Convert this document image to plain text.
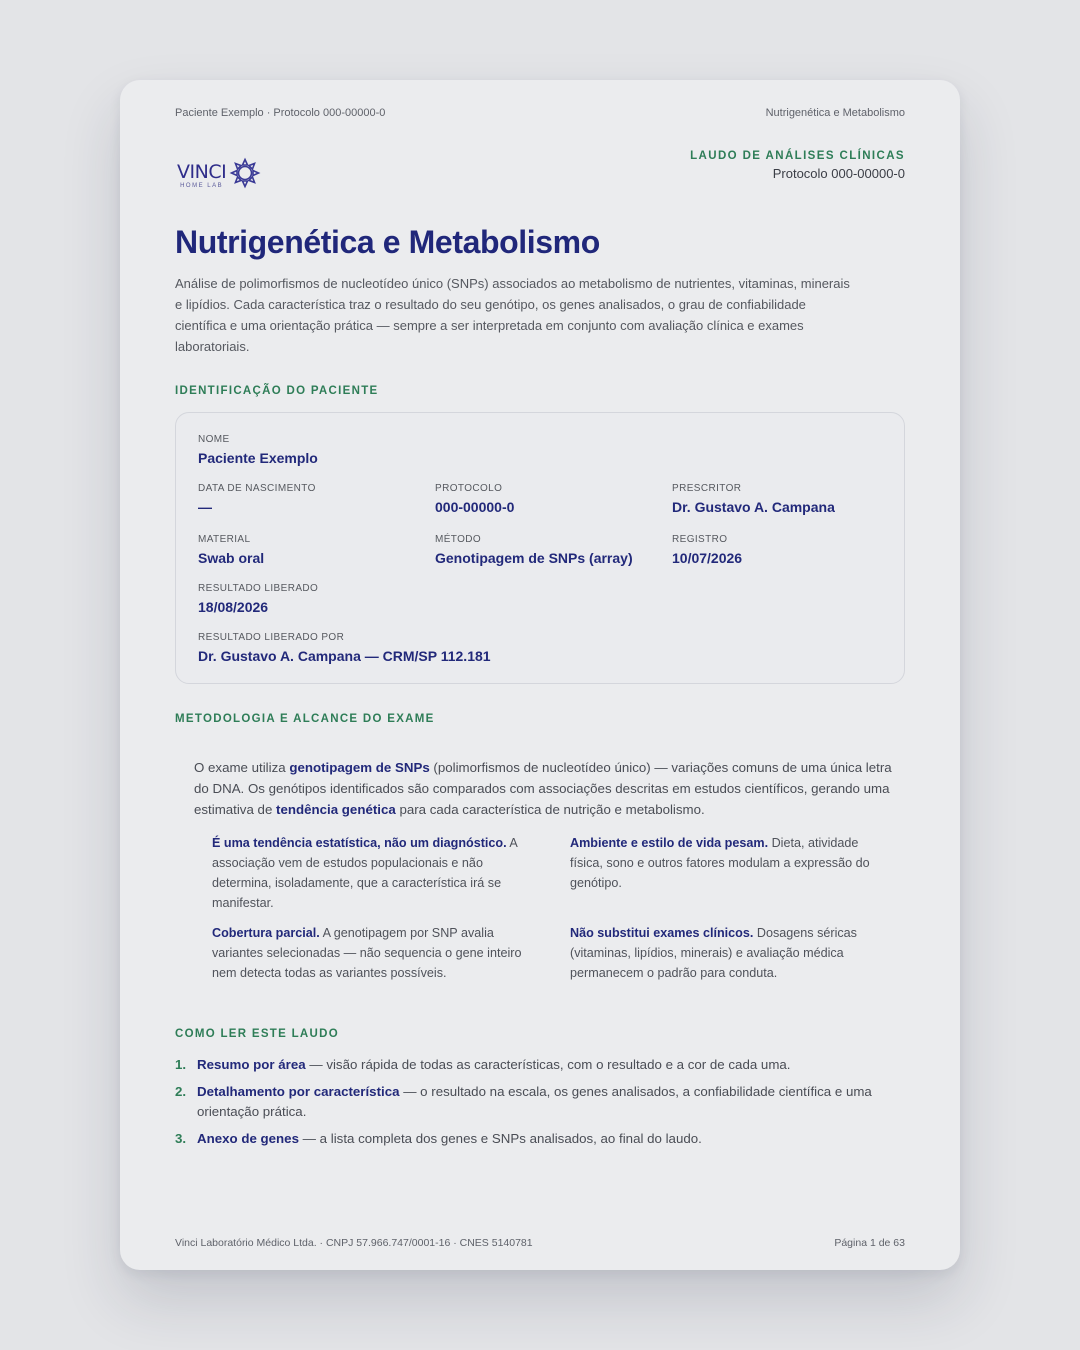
Paciente Exemplo · Protocolo 000-00000-0	Nutrigenética e Metabolismo
VINCI
HOME LAB
LAUDO DE ANÁLISES CLÍNICAS
Protocolo 000-00000-0
Nutrigenética e Metabolismo

Análise de polimorfismos de nucleotídeo único (SNPs) associados ao metabolismo de nutrientes, vitaminas, minerais e lipídios. Cada característica traz o resultado do seu genótipo, os genes analisados, o grau de confiabilidade científica e uma orientação prática — sempre a ser interpretada em conjunto com avaliação clínica e exames laboratoriais.

IDENTIFICAÇÃO DO PACIENTE
NOME
Paciente Exemplo
DATA DE NASCIMENTO
—
PROTOCOLO
000-00000-0
PRESCRITOR
Dr. Gustavo A. Campana
MATERIAL
Swab oral
MÉTODO
Genotipagem de SNPs (array)
REGISTRO
10/07/2026
RESULTADO LIBERADO
18/08/2026
RESULTADO LIBERADO POR
Dr. Gustavo A. Campana — CRM/SP 112.181
METODOLOGIA E ALCANCE DO EXAME

O exame utiliza genotipagem de SNPs (polimorfismos de nucleotídeo único) — variações comuns de uma única letra do DNA. Os genótipos identificados são comparados com associações descritas em estudos científicos, gerando uma estimativa de tendência genética para cada característica de nutrição e metabolismo.

É uma tendência estatística, não um diagnóstico. A associação vem de estudos populacionais e não determina, isoladamente, que a característica irá se manifestar.

Ambiente e estilo de vida pesam. Dieta, atividade física, sono e outros fatores modulam a expressão do genótipo.

Cobertura parcial. A genotipagem por SNP avalia variantes selecionadas — não sequencia o gene inteiro nem detecta todas as variantes possíveis.

Não substitui exames clínicos. Dosagens séricas (vitaminas, lipídios, minerais) e avaliação médica permanecem o padrão para conduta.

COMO LER ESTE LAUDO
1. Resumo por área — visão rápida de todas as características, com o resultado e a cor de cada uma.
2. Detalhamento por característica — o resultado na escala, os genes analisados, a confiabilidade científica e uma orientação prática.
3. Anexo de genes — a lista completa dos genes e SNPs analisados, ao final do laudo.
Vinci Laboratório Médico Ltda. · CNPJ 57.966.747/0001-16 · CNES 5140781	Página 1 de 63
